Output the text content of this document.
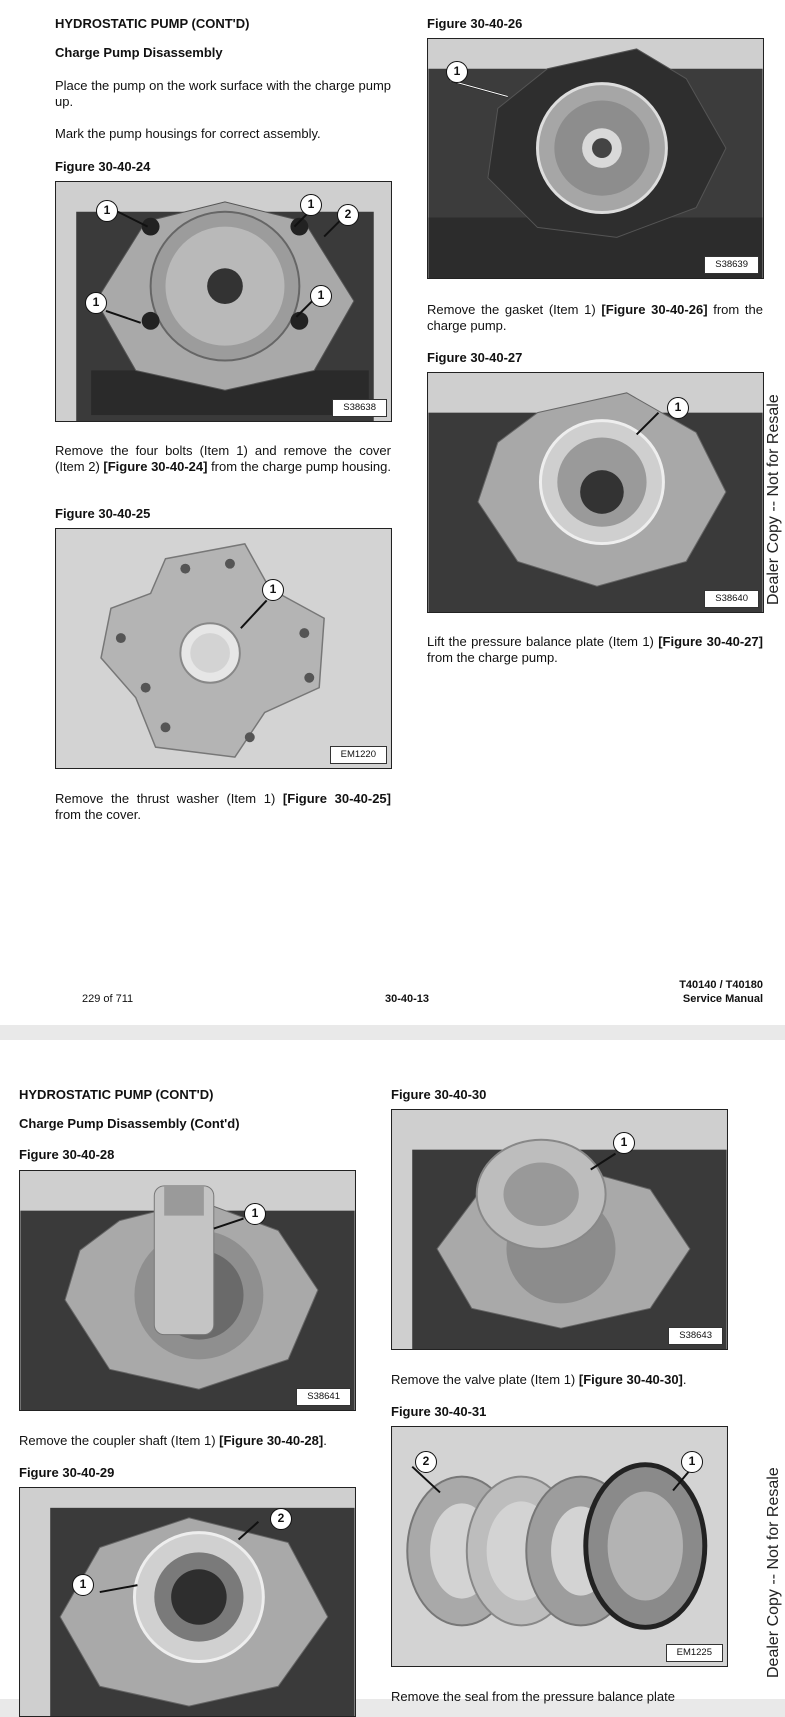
HYDROSTATIC PUMP (CONT'D)
Charge Pump Disassembly
Place the pump on the work surface with the charge pump up.
Mark the pump housings for correct assembly.
Figure 30-40-24
1	1
2
1	1
S38638
Remove the four bolts (Item 1) and remove the cover (Item 2) [Figure 30-40-24] from the charge pump housing.
Figure 30-40-25
1
EM1220
Remove the thrust washer (Item 1) [Figure 30-40-25] from the cover.
Figure 30-40-26
1
S38639
Remove the gasket (Item 1) [Figure 30-40-26] from the charge pump.
Figure 30-40-27
1
S38640
Lift the pressure balance plate (Item 1) [Figure 30-40-27] from the charge pump.
229 of 711	30-40-13
T40140 / T40180
Service Manual
Dealer Copy -- Not for Resale
HYDROSTATIC PUMP (CONT'D)
Charge Pump Disassembly (Cont'd)
Figure 30-40-28
1
S38641
Remove the coupler shaft (Item 1) [Figure 30-40-28].
Figure 30-40-29
1
2
Figure 30-40-30
1
S38643
Remove the valve plate (Item 1) [Figure 30-40-30].
Figure 30-40-31
2	1
EM1225
Remove the seal from the pressure balance plate
Dealer Copy -- Not for Resale
